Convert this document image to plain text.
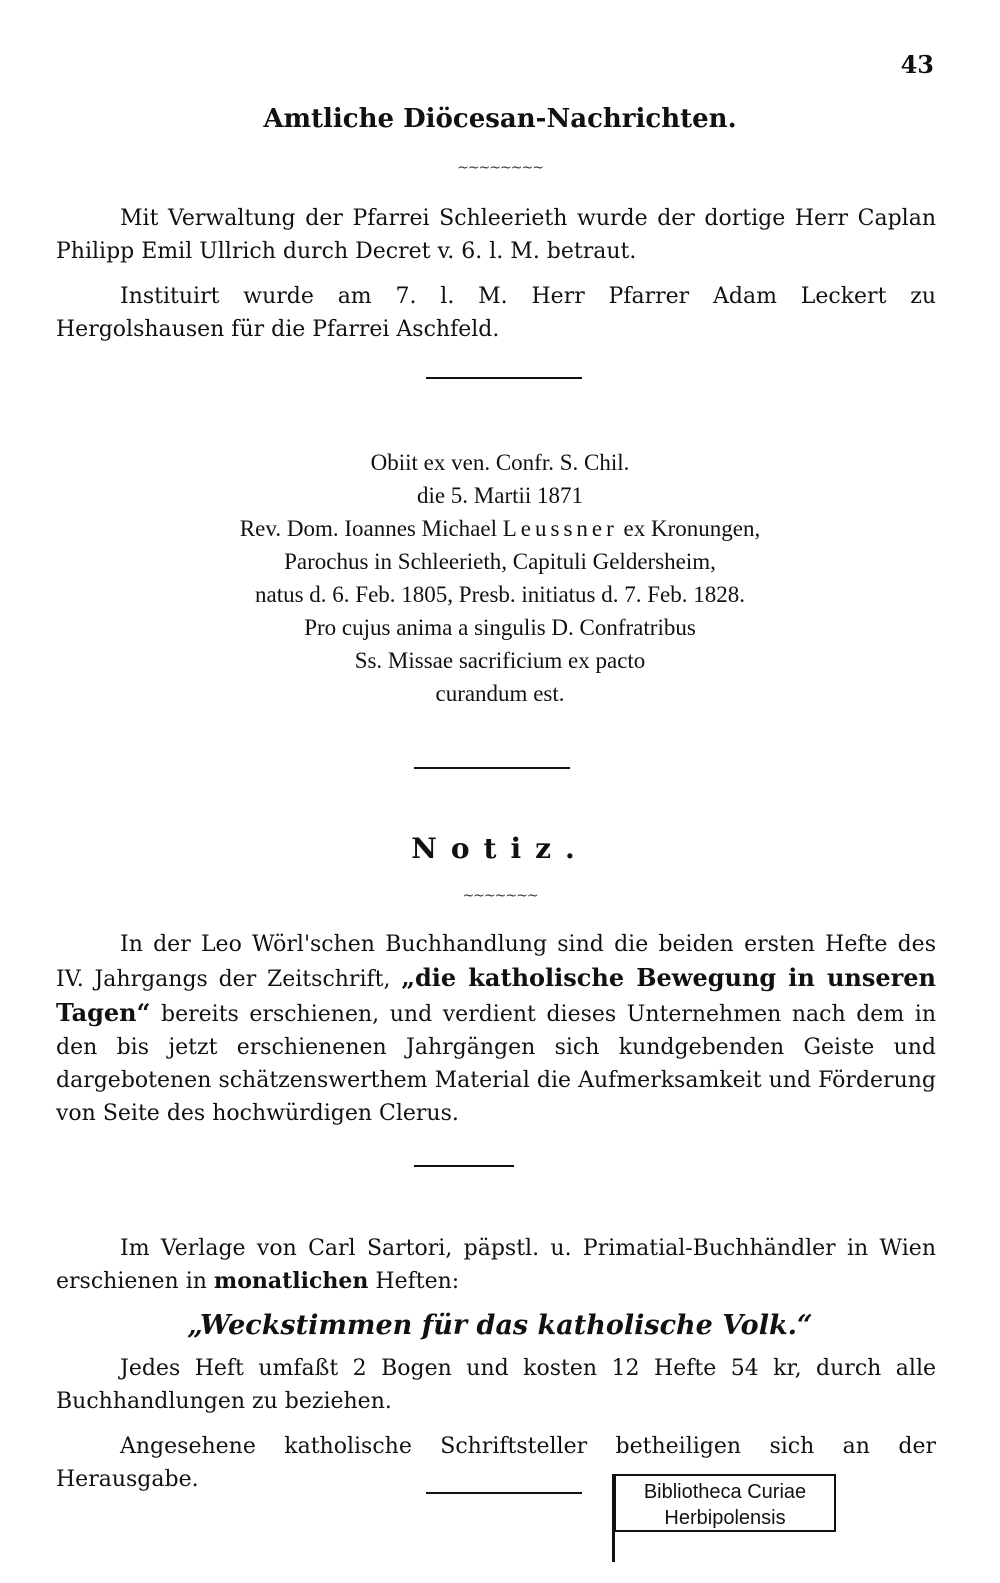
43
Amtliche Diöcesan-Nachrichten.
~~~~~~~~
Mit Verwaltung der Pfarrei Schleerieth wurde der dortige Herr Caplan Philipp Emil Ullrich durch Decret v. 6. l. M. betraut.
Instituirt wurde am 7. l. M. Herr Pfarrer Adam Leckert zu Hergolshausen für die Pfarrei Aschfeld.
Obiit ex ven. Confr. S. Chil.
die 5. Martii 1871
Rev. Dom. Ioannes Michael Leussner ex Kronungen,
Parochus in Schleerieth, Capituli Geldersheim,
natus d. 6. Feb. 1805, Presb. initiatus d. 7. Feb. 1828.
Pro cujus anima a singulis D. Confratribus
Ss. Missae sacrificium ex pacto
curandum est.
Notiz.
~~~~~~~
In der Leo Wörl'schen Buchhandlung sind die beiden ersten Hefte des IV. Jahrgangs der Zeitschrift, „die katholische Bewegung in unseren Tagen“ bereits erschienen, und verdient dieses Unternehmen nach dem in den bis jetzt erschienenen Jahrgängen sich kundgebenden Geiste und dargebotenen schätzenswerthem Material die Aufmerksamkeit und Förderung von Seite des hochwürdigen Clerus.
Im Verlage von Carl Sartori, päpstl. u. Primatial-Buchhändler in Wien erschienen in monatlichen Heften:
„Weckstimmen für das katholische Volk.“
Jedes Heft umfaßt 2 Bogen und kosten 12 Hefte 54 kr, durch alle Buchhandlungen zu beziehen.
Angesehene katholische Schriftsteller betheiligen sich an der Herausgabe.	Bibliotheca Curiae
Herbipolensis
